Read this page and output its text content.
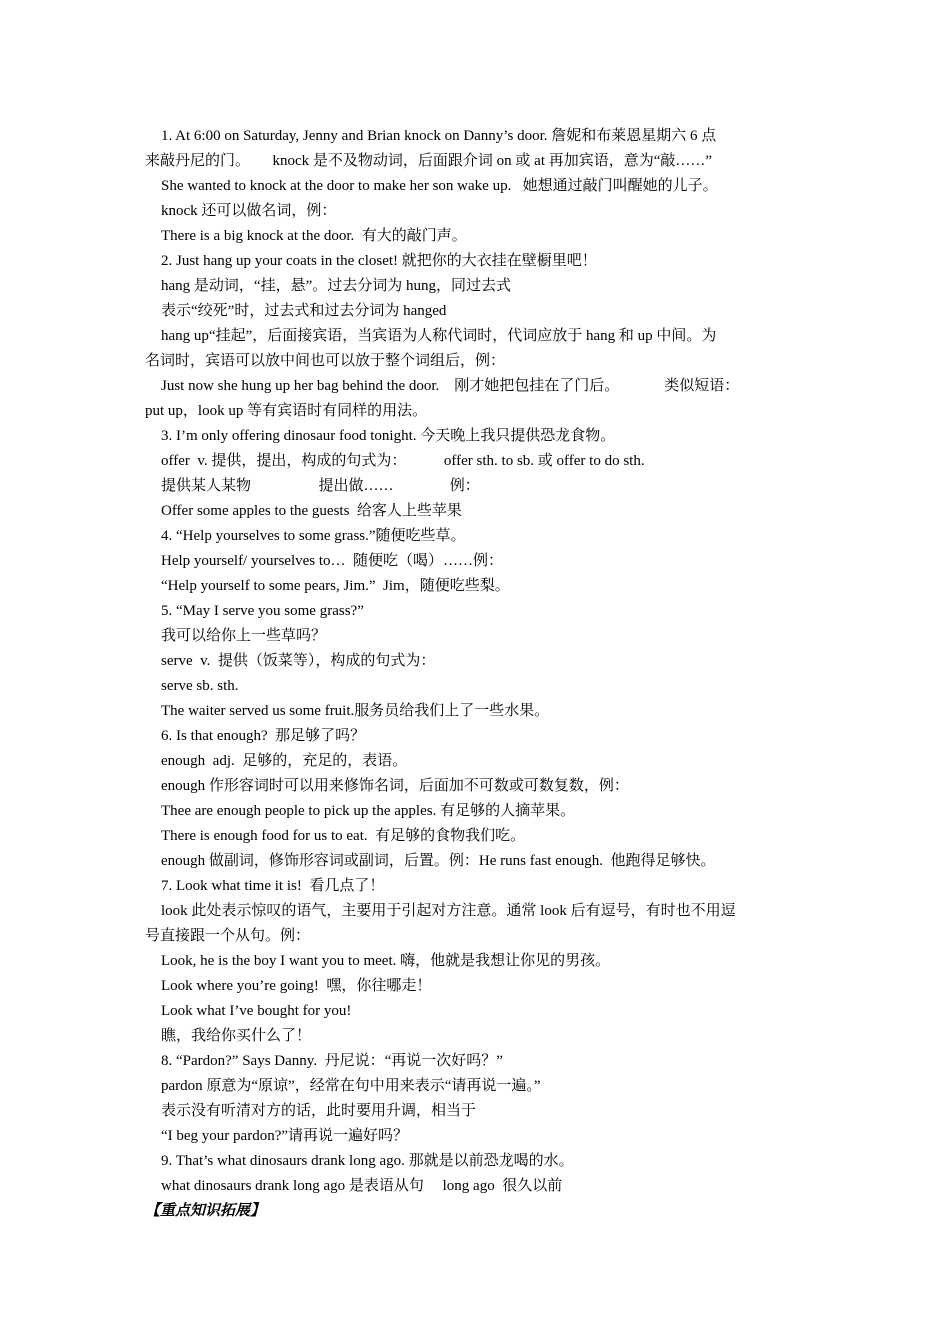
1. At 6:00 on Saturday, Jenny and Brian knock on Danny’s door. 詹妮和布莱恩星期六 6 点
来敲丹尼的门。      knock 是不及物动词，后面跟介词 on 或 at 再加宾语，意为“敲……”
She wanted to knock at the door to make her son wake up.   她想通过敲门叫醒她的儿子。
knock 还可以做名词，例：
There is a big knock at the door.  有大的敲门声。
2. Just hang up your coats in the closet! 就把你的大衣挂在壁橱里吧！
hang 是动词，“挂，悬”。过去分词为 hung，同过去式
表示“绞死”时，过去式和过去分词为 hanged
hang up“挂起”，后面接宾语，当宾语为人称代词时，代词应放于 hang 和 up 中间。为
名词时，宾语可以放中间也可以放于整个词组后，例：
Just now she hung up her bag behind the door.    刚才她把包挂在了门后。            类似短语：
put up，look up 等有宾语时有同样的用法。
3. I’m only offering dinosaur food tonight. 今天晚上我只提供恐龙食物。
offer  v. 提供，提出，构成的句式为：          offer sth. to sb. 或 offer to do sth.
提供某人某物                  提出做……               例：
Offer some apples to the guests  给客人上些苹果
4. “Help yourselves to some grass.”随便吃些草。
Help yourself/ yourselves to…  随便吃（喝）……例：
“Help yourself to some pears, Jim.”  Jim，随便吃些梨。
5. “May I serve you some grass?”
我可以给你上一些草吗？
serve  v.  提供（饭菜等），构成的句式为：
serve sb. sth.
The waiter served us some fruit.服务员给我们上了一些水果。
6. Is that enough?  那足够了吗？
enough  adj.  足够的，充足的，表语。
enough 作形容词时可以用来修饰名词，后面加不可数或可数复数，例：
Thee are enough people to pick up the apples. 有足够的人摘苹果。
There is enough food for us to eat.  有足够的食物我们吃。
enough 做副词，修饰形容词或副词，后置。例：He runs fast enough.  他跑得足够快。
7. Look what time it is!  看几点了！
look 此处表示惊叹的语气，主要用于引起对方注意。通常 look 后有逗号，有时也不用逗
号直接跟一个从句。例：
Look, he is the boy I want you to meet. 嗨，他就是我想让你见的男孩。
Look where you’re going!  嘿，你往哪走！
Look what I’ve bought for you!
瞧，我给你买什么了！
8. “Pardon?” Says Danny.  丹尼说：“再说一次好吗？”
pardon 原意为“原谅”，经常在句中用来表示“请再说一遍。”
表示没有听清对方的话，此时要用升调，相当于
“I beg your pardon?”请再说一遍好吗？
9. That’s what dinosaurs drank long ago. 那就是以前恐龙喝的水。
what dinosaurs drank long ago 是表语从句     long ago  很久以前
【重点知识拓展】
